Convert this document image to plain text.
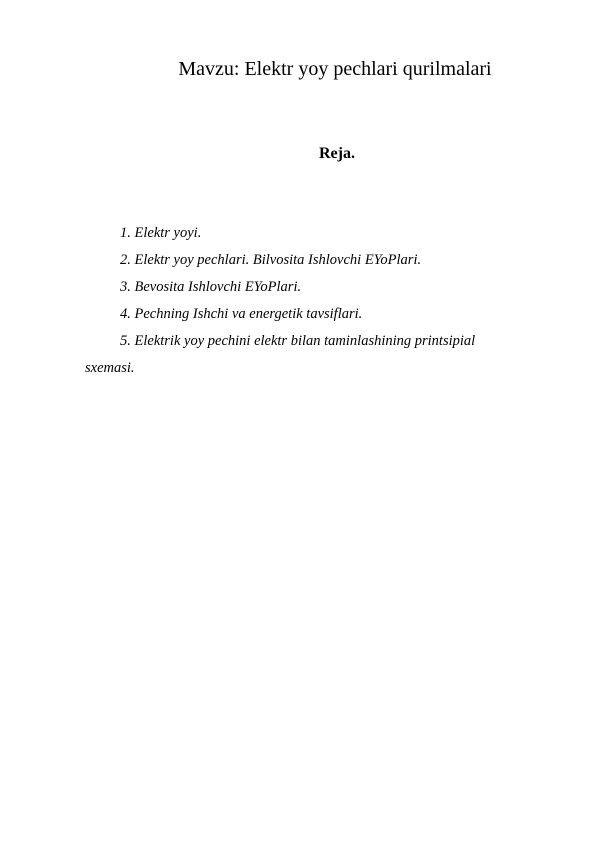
Mavzu: Elektr yoy pechlari qurilmalari
Reja.
1. Elektr yoyi.
2. Elektr yoy pechlari. Bilvosita Ishlovchi EYoPlari.
3. Bevosita Ishlovchi EYoPlari.
4. Pechning Ishchi va energetik tavsiflari.
5. Elektrik yoy pechini elektr bilan taminlashining printsipial sxemasi.
